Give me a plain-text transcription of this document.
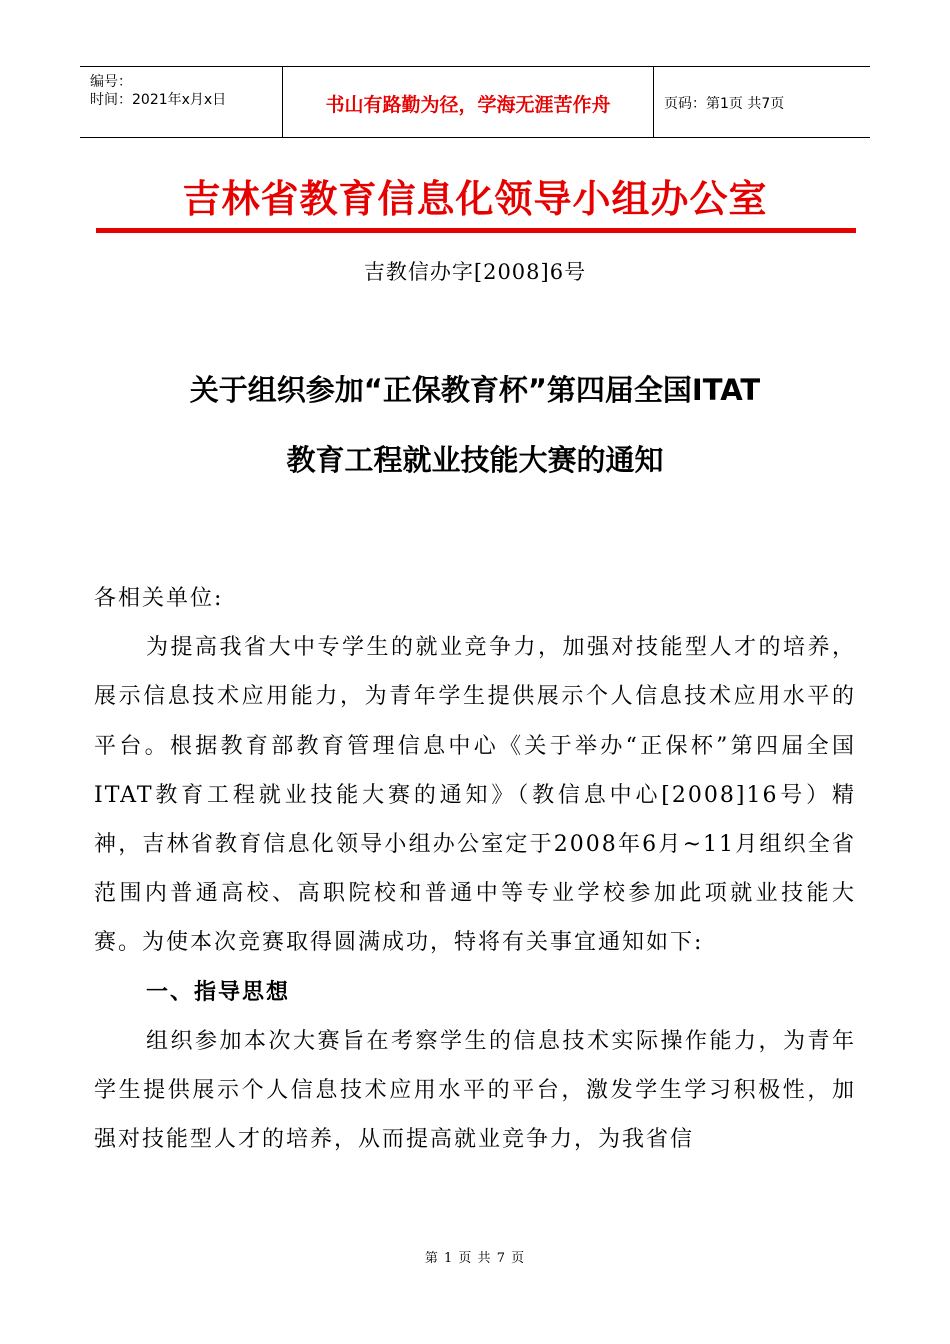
编号：
时间：2021年x月x日	书山有路勤为径，学海无涯苦作舟	页码：第1页 共7页
吉林省教育信息化领导小组办公室
吉教信办字[2008]6号
关于组织参加“正保教育杯”第四届全国ITAT
教育工程就业技能大赛的通知

各相关单位:

为提高我省大中专学生的就业竞争力，加强对技能型人才的培养，展示信息技术应用能力，为青年学生提供展示个人信息技术应用水平的平台。根据教育部教育管理信息中心《关于举办“正保杯”第四届全国ITAT教育工程就业技能大赛的通知》（教信息中心[2008]16号）精神，吉林省教育信息化领导小组办公室定于2008年6月~11月组织全省范围内普通高校、高职院校和普通中等专业学校参加此项就业技能大赛。为使本次竞赛取得圆满成功，特将有关事宜通知如下:

一、指导思想

组织参加本次大赛旨在考察学生的信息技术实际操作能力，为青年学生提供展示个人信息技术应用水平的平台，激发学生学习积极性，加强对技能型人才的培养，从而提高就业竞争力，为我省信

第 1 页 共 7 页
